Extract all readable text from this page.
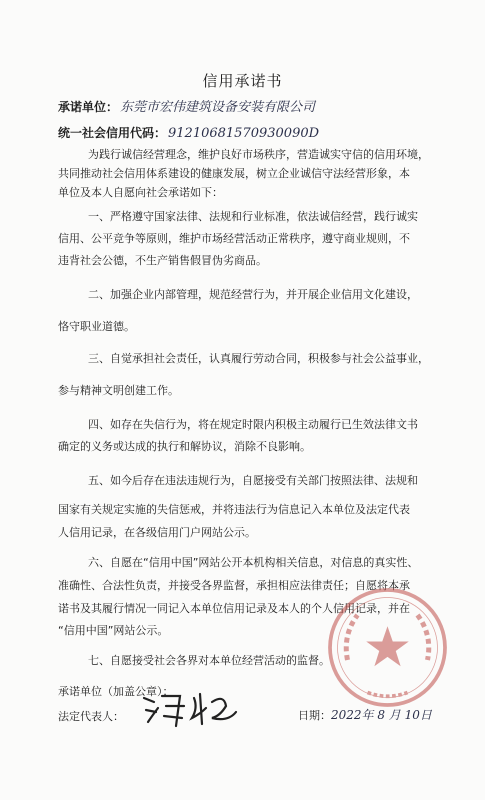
信用承诺书
承诺单位： 东莞市宏伟建筑设备安装有限公司
统一社会信用代码： 91210681570930090D
为践行诚信经营理念，维护良好市场秩序，营造诚实守信的信用环境，
共同推动社会信用体系建设的健康发展，树立企业诚信守法经营形象，本
单位及本人自愿向社会承诺如下：
一、严格遵守国家法律、法规和行业标准，依法诚信经营，践行诚实
信用、公平竞争等原则，维护市场经营活动正常秩序，遵守商业规则，不
违背社会公德，不生产销售假冒伪劣商品。
二、加强企业内部管理，规范经营行为，并开展企业信用文化建设，
恪守职业道德。
三、自觉承担社会责任，认真履行劳动合同，积极参与社会公益事业，
参与精神文明创建工作。
四、如存在失信行为，将在规定时限内积极主动履行已生效法律文书
确定的义务或达成的执行和解协议，消除不良影响。
五、如今后存在违法违规行为，自愿接受有关部门按照法律、法规和
国家有关规定实施的失信惩戒，并将违法行为信息记入本单位及法定代表
人信用记录，在各级信用门户网站公示。
六、自愿在“信用中国”网站公开本机构相关信息，对信息的真实性、
准确性、合法性负责，并接受各界监督，承担相应法律责任；自愿将本承
诺书及其履行情况一同记入本单位信用记录及本人的个人信用记录，并在
“信用中国”网站公示。
七、自愿接受社会各界对本单位经营活动的监督。
承诺单位（加盖公章）：
法定代表人：	日期：2022年 8 月 10日
